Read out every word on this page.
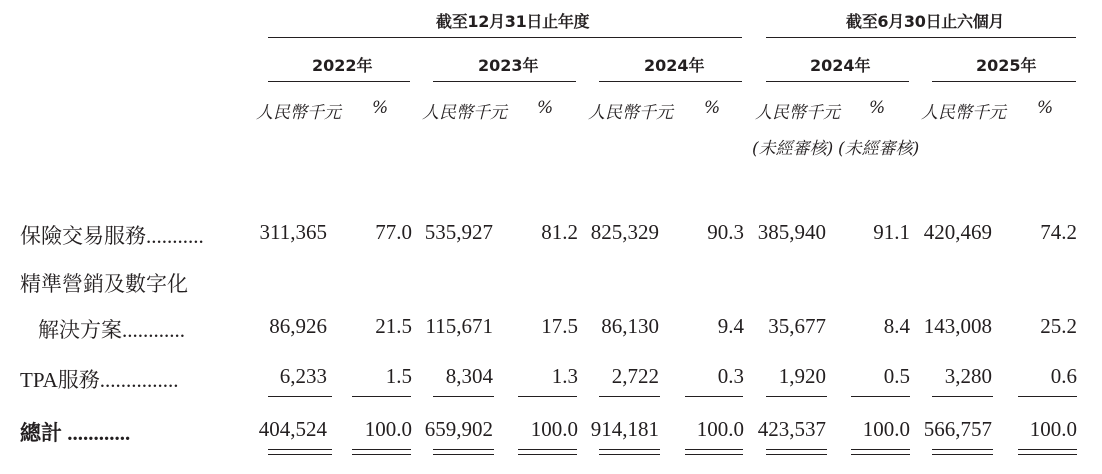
截至12月31日止年度	截至6月30日止六個月
2022年	2023年	2024年	2024年	2025年
人民幣千元 % 人民幣千元 % 人民幣千元 % 人民幣千元 % 人民幣千元 %
(未經審核) (未經審核)
保險交易服務...........	311,365 77.0 535,927 81.2 825,329 90.3 385,940 91.1 420,469 74.2
精準營銷及數字化
解決方案............	86,926 21.5 115,671 17.5 86,130	9.4 35,677	8.4 143,008 25.2
TPA服務...............	6,233	1.5 8,304	1.3 2,722	0.3 1,920	0.5 3,280	0.6
總計 ............	404,524 100.0 659,902 100.0 914,181 100.0 423,537 100.0 566,757 100.0
